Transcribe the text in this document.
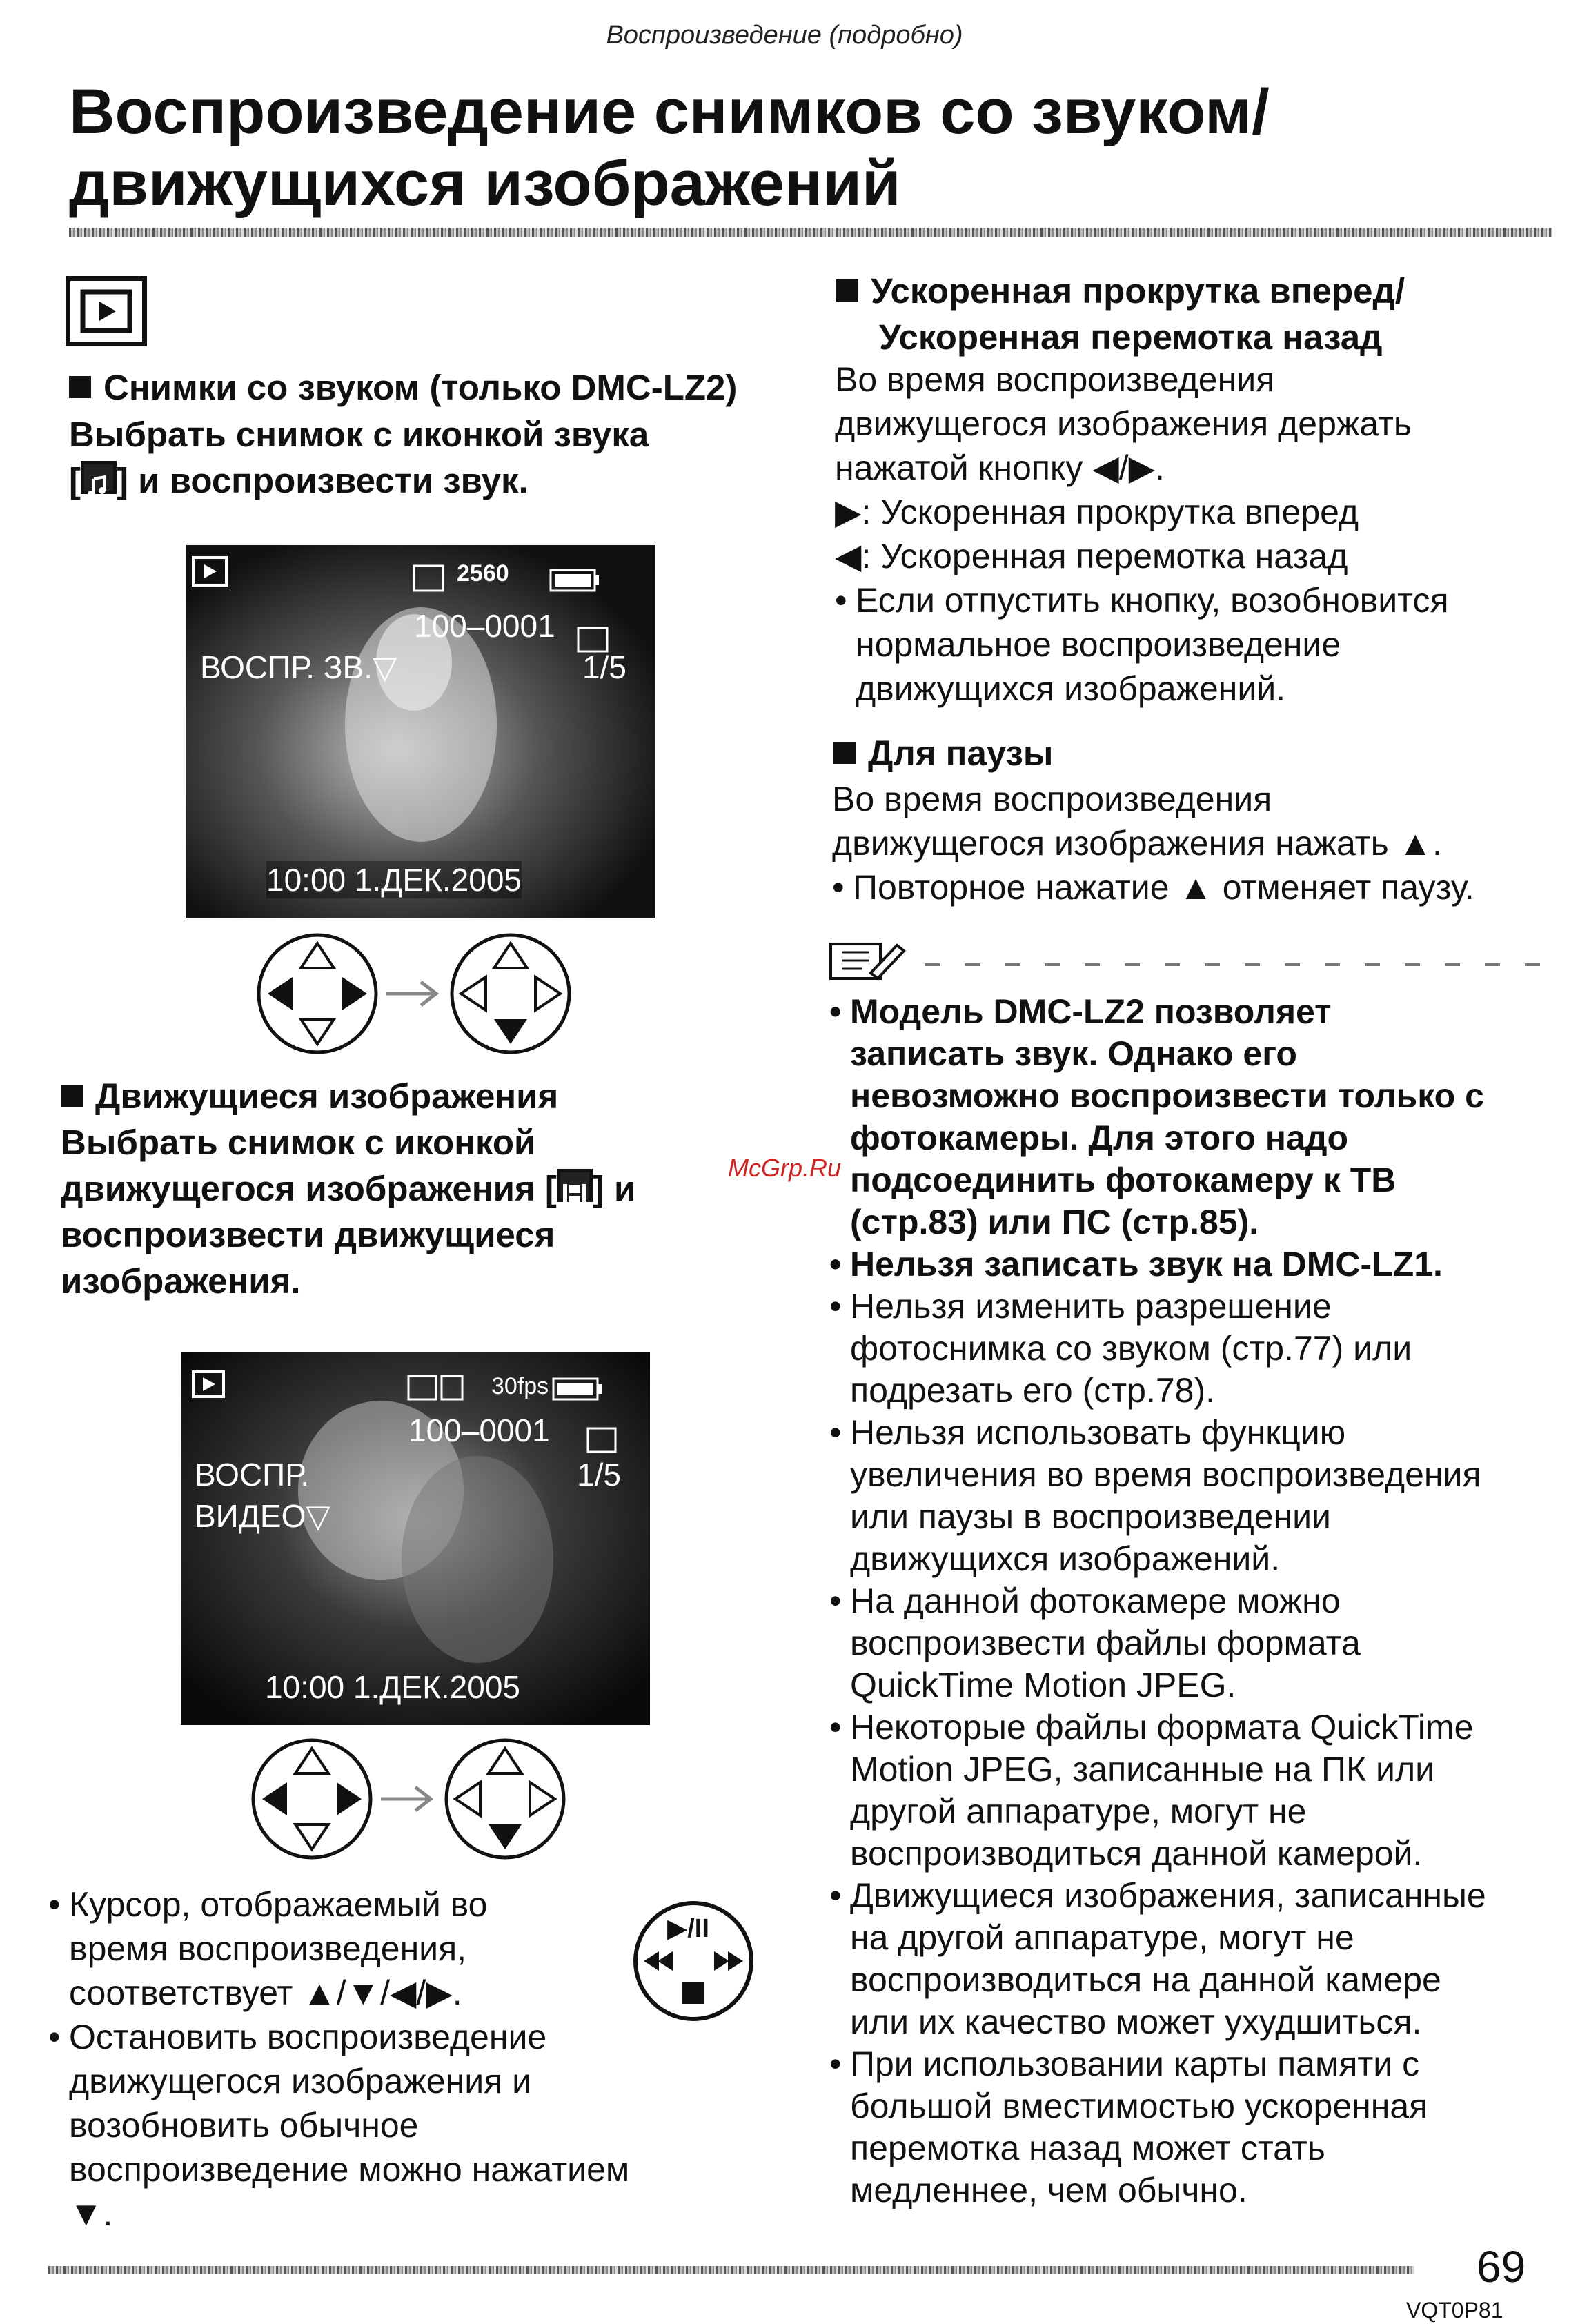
Воспроизведение (подробно)
Воспроизведение снимков со звуком/
движущихся изображений
Снимки со звуком (только DMC-LZ2)
Выбрать снимок с иконкой звука
[ ] и воспроизвести звук.
2560
100–0001
ВОСПР. ЗВ.▽	1/5
10:00 1.ДЕК.2005
Движущиеся изображения
Выбрать снимок с иконкой
движущегося изображения [ ] и
воспроизвести движущиеся
изображения.
30fps
100–0001
ВОСПР.	1/5
ВИДЕО▽
10:00 1.ДЕК.2005
• Курсор, отображаемый во
время воспроизведения,
соответствует ▲/▼/◀/▶.
• Остановить воспроизведение
движущегося изображения и
возобновить обычное
воспроизведение можно нажатием ▼.
▶/II
Ускоренная прокрутка вперед/
Ускоренная перемотка назад
Во время воспроизведения
движущегося изображения держать
нажатой кнопку ◀/▶.
▶: Ускоренная прокрутка вперед
◀: Ускоренная перемотка назад
• Если отпустить кнопку, возобновится
нормальное воспроизведение
движущихся изображений.
Для паузы
Во время воспроизведения
движущегося изображения нажать ▲.
• Повторное нажатие ▲ отменяет паузу.
• Модель DMC-LZ2 позволяет
записать звук. Однако его
невозможно воспроизвести только с
фотокамеры. Для этого надо
подсоединить фотокамеру к ТВ
(стр.83) или ПС (стр.85).
• Нельзя записать звук на DMC-LZ1.
• Нельзя изменить разрешение
фотоснимка со звуком (стр.77) или
подрезать его (стр.78).
• Нельзя использовать функцию
увеличения во время воспроизведения
или паузы в воспроизведении
движущихся изображений.
• На данной фотокамере можно
воспроизвести файлы формата
QuickTime Motion JPEG.
• Некоторые файлы формата QuickTime
Motion JPEG, записанные на ПК или
другой аппаратуре, могут не
воспроизводиться данной камерой.
• Движущиеся изображения, записанные
на другой аппаратуре, могут не
воспроизводиться на данной камере
или их качество может ухудшиться.
• При использовании карты памяти с
большой вместимостью ускоренная
перемотка назад может стать
медленнее, чем обычно.
McGrp.Ru
69
VQT0P81
